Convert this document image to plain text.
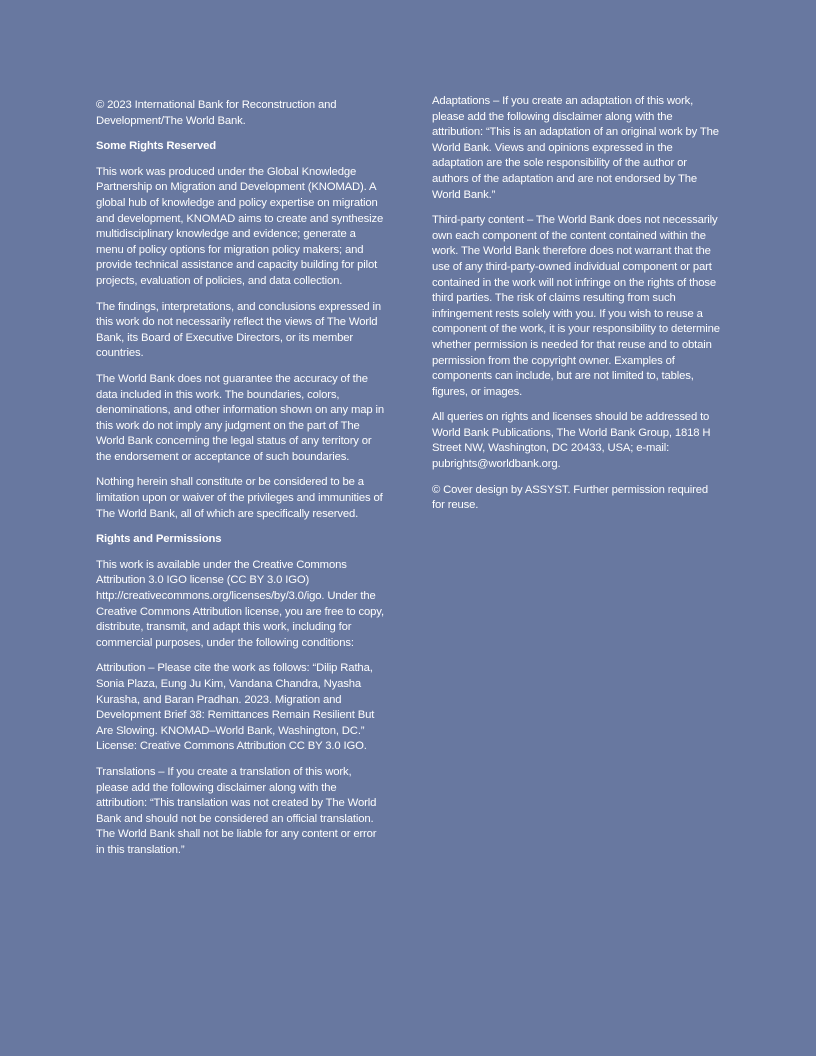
© 2023 International Bank for Reconstruction and Development/The World Bank.

Some Rights Reserved

This work was produced under the Global Knowledge Partnership on Migration and Development (KNOMAD). A global hub of knowledge and policy expertise on migration and development, KNOMAD aims to create and synthesize multidisciplinary knowledge and evidence; generate a menu of policy options for migration policy makers; and provide technical assistance and capacity building for pilot projects, evaluation of policies, and data collection.

The findings, interpretations, and conclusions expressed in this work do not necessarily reflect the views of The World Bank, its Board of Executive Directors, or its member countries.

The World Bank does not guarantee the accuracy of the data included in this work. The boundaries, colors, denominations, and other information shown on any map in this work do not imply any judgment on the part of The World Bank concerning the legal status of any territory or the endorsement or acceptance of such boundaries.

Nothing herein shall constitute or be considered to be a limitation upon or waiver of the privileges and immunities of The World Bank, all of which are specifically reserved.

Rights and Permissions

This work is available under the Creative Commons Attribution 3.0 IGO license (CC BY 3.0 IGO) http://creativecommons.org/licenses/by/3.0/igo. Under the Creative Commons Attribution license, you are free to copy, distribute, transmit, and adapt this work, including for commercial purposes, under the following conditions:

Attribution – Please cite the work as follows: “Dilip Ratha, Sonia Plaza, Eung Ju Kim, Vandana Chandra, Nyasha Kurasha, and Baran Pradhan. 2023. Migration and Development Brief 38: Remittances Remain Resilient But Are Slowing. KNOMAD–World Bank, Washington, DC.” License: Creative Commons Attribution CC BY 3.0 IGO.

Translations – If you create a translation of this work, please add the following disclaimer along with the attribution: “This translation was not created by The World Bank and should not be considered an official translation. The World Bank shall not be liable for any content or error in this translation.”

Adaptations – If you create an adaptation of this work, please add the following disclaimer along with the attribution: “This is an adaptation of an original work by The World Bank. Views and opinions expressed in the adaptation are the sole responsibility of the author or authors of the adaptation and are not endorsed by The World Bank.”

Third-party content – The World Bank does not necessarily own each component of the content contained within the work. The World Bank therefore does not warrant that the use of any third-party-owned individual component or part contained in the work will not infringe on the rights of those third parties. The risk of claims resulting from such infringement rests solely with you. If you wish to reuse a component of the work, it is your responsibility to determine whether permission is needed for that reuse and to obtain permission from the copyright owner. Examples of components can include, but are not limited to, tables, figures, or images.

All queries on rights and licenses should be addressed to World Bank Publications, The World Bank Group, 1818 H Street NW, Washington, DC 20433, USA; e-mail: pubrights@worldbank.org.

© Cover design by ASSYST. Further permission required for reuse.
